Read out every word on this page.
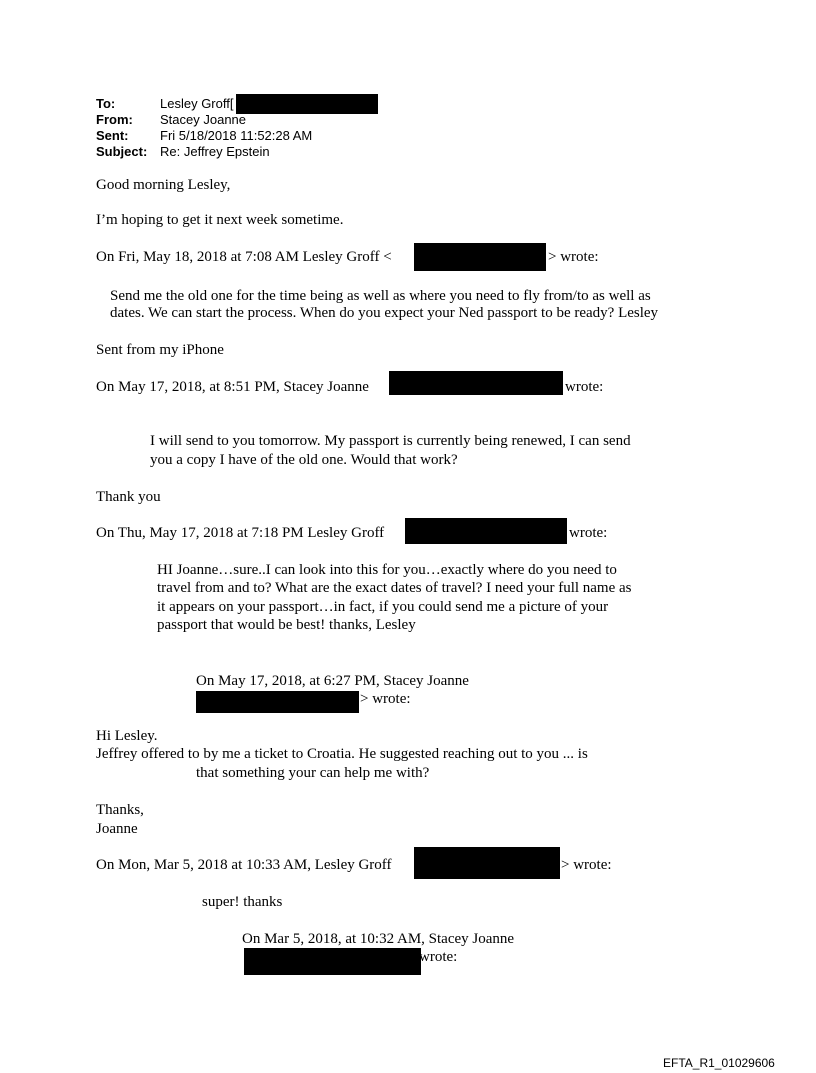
To:	Lesley Groff[
From: Stacey Joanne
Sent: Fri 5/18/2018 11:52:28 AM
Subject: Re: Jeffrey Epstein
Good morning Lesley,
I’m hoping to get it next week sometime.
On Fri, May 18, 2018 at 7:08 AM Lesley Groff <	> wrote:
Send me the old one for the time being as well as where you need to fly from/to as well as
dates. We can start the process. When do you expect your Ned passport to be ready? Lesley
Sent from my iPhone
On May 17, 2018, at 8:51 PM, Stacey Joanne	wrote:
I will send to you tomorrow. My passport is currently being renewed, I can send
you a copy I have of the old one. Would that work?
Thank you
On Thu, May 17, 2018 at 7:18 PM Lesley Groff	wrote:
HI Joanne…sure..I can look into this for you…exactly where do you need to
travel from and to? What are the exact dates of travel? I need your full name as
it appears on your passport…in fact, if you could send me a picture of your
passport that would be best! thanks, Lesley
On May 17, 2018, at 6:27 PM, Stacey Joanne
> wrote:
Hi Lesley.
Jeffrey offered to by me a ticket to Croatia. He suggested reaching out to you ... is
that something your can help me with?
Thanks,
Joanne
On Mon, Mar 5, 2018 at 10:33 AM, Lesley Groff	> wrote:
super! thanks
On Mar 5, 2018, at 10:32 AM, Stacey Joanne
wrote:
EFTA_R1_01029606
